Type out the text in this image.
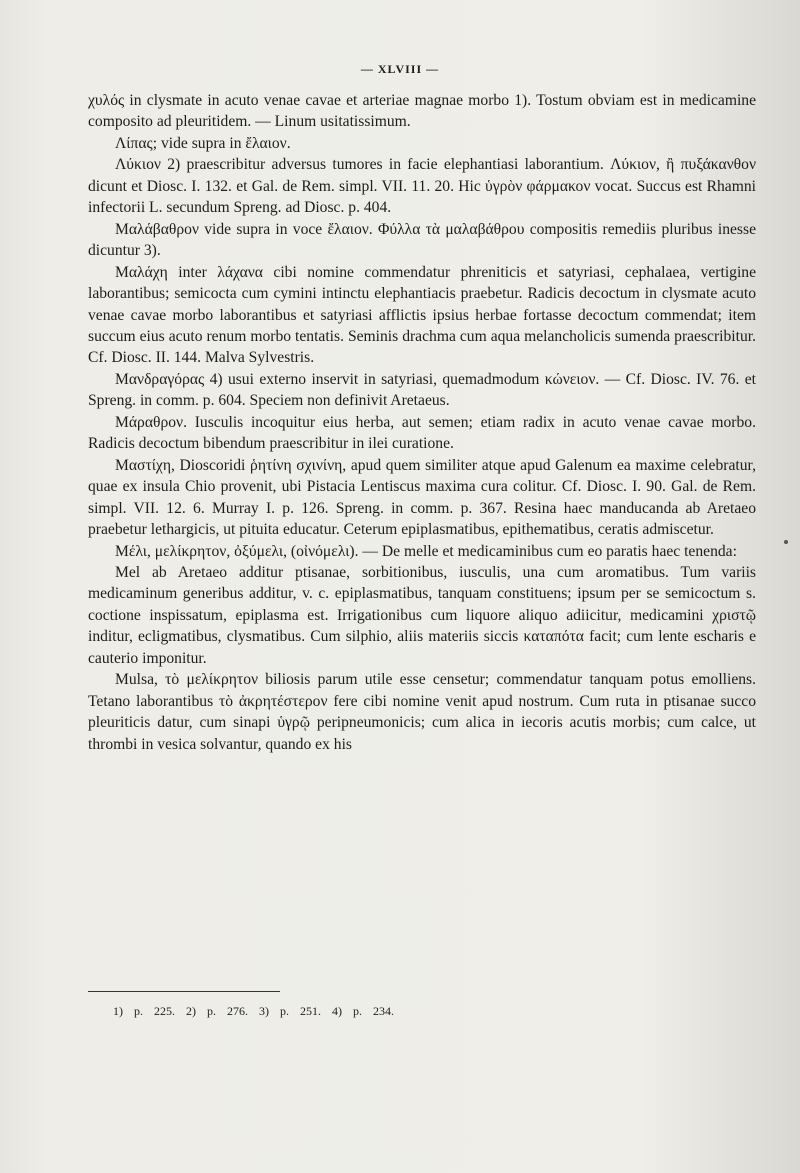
— XLVIII —

χυλός in clysmate in acuto venae cavae et arteriae magnae morbo 1). Tostum obviam est in medicamine composito ad pleuritidem. — Linum usitatissimum.

Λίπας; vide supra in ἔλαιον.

Λύκιον 2) praescribitur adversus tumores in facie elephantiasi laborantium. Λύκιον, ἢ πυξάκανθον dicunt et Diosc. I. 132. et Gal. de Rem. simpl. VII. 11. 20. Hic ὑγρὸν φάρμακον vocat. Succus est Rhamni infectorii L. secundum Spreng. ad Diosc. p. 404.

Μαλάβαθρον vide supra in voce ἔλαιον. Φύλλα τὰ μαλαβάθρου compositis remediis pluribus inesse dicuntur 3).

Μαλάχη inter λάχανα cibi nomine commendatur phreniticis et satyriasi, cephalaea, vertigine laborantibus; semicocta cum cymini intinctu elephantiacis praebetur. Radicis decoctum in clysmate acuto venae cavae morbo laborantibus et satyriasi afflictis ipsius herbae fortasse decoctum commendat; item succum eius acuto renum morbo tentatis. Seminis drachma cum aqua melancholicis sumenda praescribitur. Cf. Diosc. II. 144. Malva Sylvestris.

Μανδραγόρας 4) usui externo inservit in satyriasi, quemadmodum κώνειον. — Cf. Diosc. IV. 76. et Spreng. in comm. p. 604. Speciem non definivit Aretaeus.

Μάραθρον. Iusculis incoquitur eius herba, aut semen; etiam radix in acuto venae cavae morbo. Radicis decoctum bibendum praescribitur in ilei curatione.

Μαστίχη, Dioscoridi ῥητίνη σχινίνη, apud quem similiter atque apud Galenum ea maxime celebratur, quae ex insula Chio provenit, ubi Pistacia Lentiscus maxima cura colitur. Cf. Diosc. I. 90. Gal. de Rem. simpl. VII. 12. 6. Murray I. p. 126. Spreng. in comm. p. 367. Resina haec manducanda ab Aretaeo praebetur lethargicis, ut pituita educatur. Ceterum epiplasmatibus, epithematibus, ceratis admiscetur.

Μέλι, μελίκρητον, ὀξύμελι, (οἰνόμελι). — De melle et medicaminibus cum eo paratis haec tenenda:

Mel ab Aretaeo additur ptisanae, sorbitionibus, iusculis, una cum aromatibus. Tum variis medicaminum generibus additur, v. c. epiplasmatibus, tanquam constituens; ipsum per se semicoctum s. coctione inspissatum, epiplasma est. Irrigationibus cum liquore aliquo adiicitur, medicamini χριστῷ inditur, ecligmatibus, clysmatibus. Cum silphio, aliis materiis siccis καταπότα facit; cum lente escharis e cauterio imponitur.

Mulsa, τὸ μελίκρητον biliosis parum utile esse censetur; commendatur tanquam potus emolliens. Tetano laborantibus τὸ ἀκρητέστερον fere cibi nomine venit apud nostrum. Cum ruta in ptisanae succo pleuriticis datur, cum sinapi ὑγρῷ peripneumonicis; cum alica in iecoris acutis morbis; cum calce, ut thrombi in vesica solvantur, quando ex his

1) p. 225. 2) p. 276. 3) p. 251. 4) p. 234.
